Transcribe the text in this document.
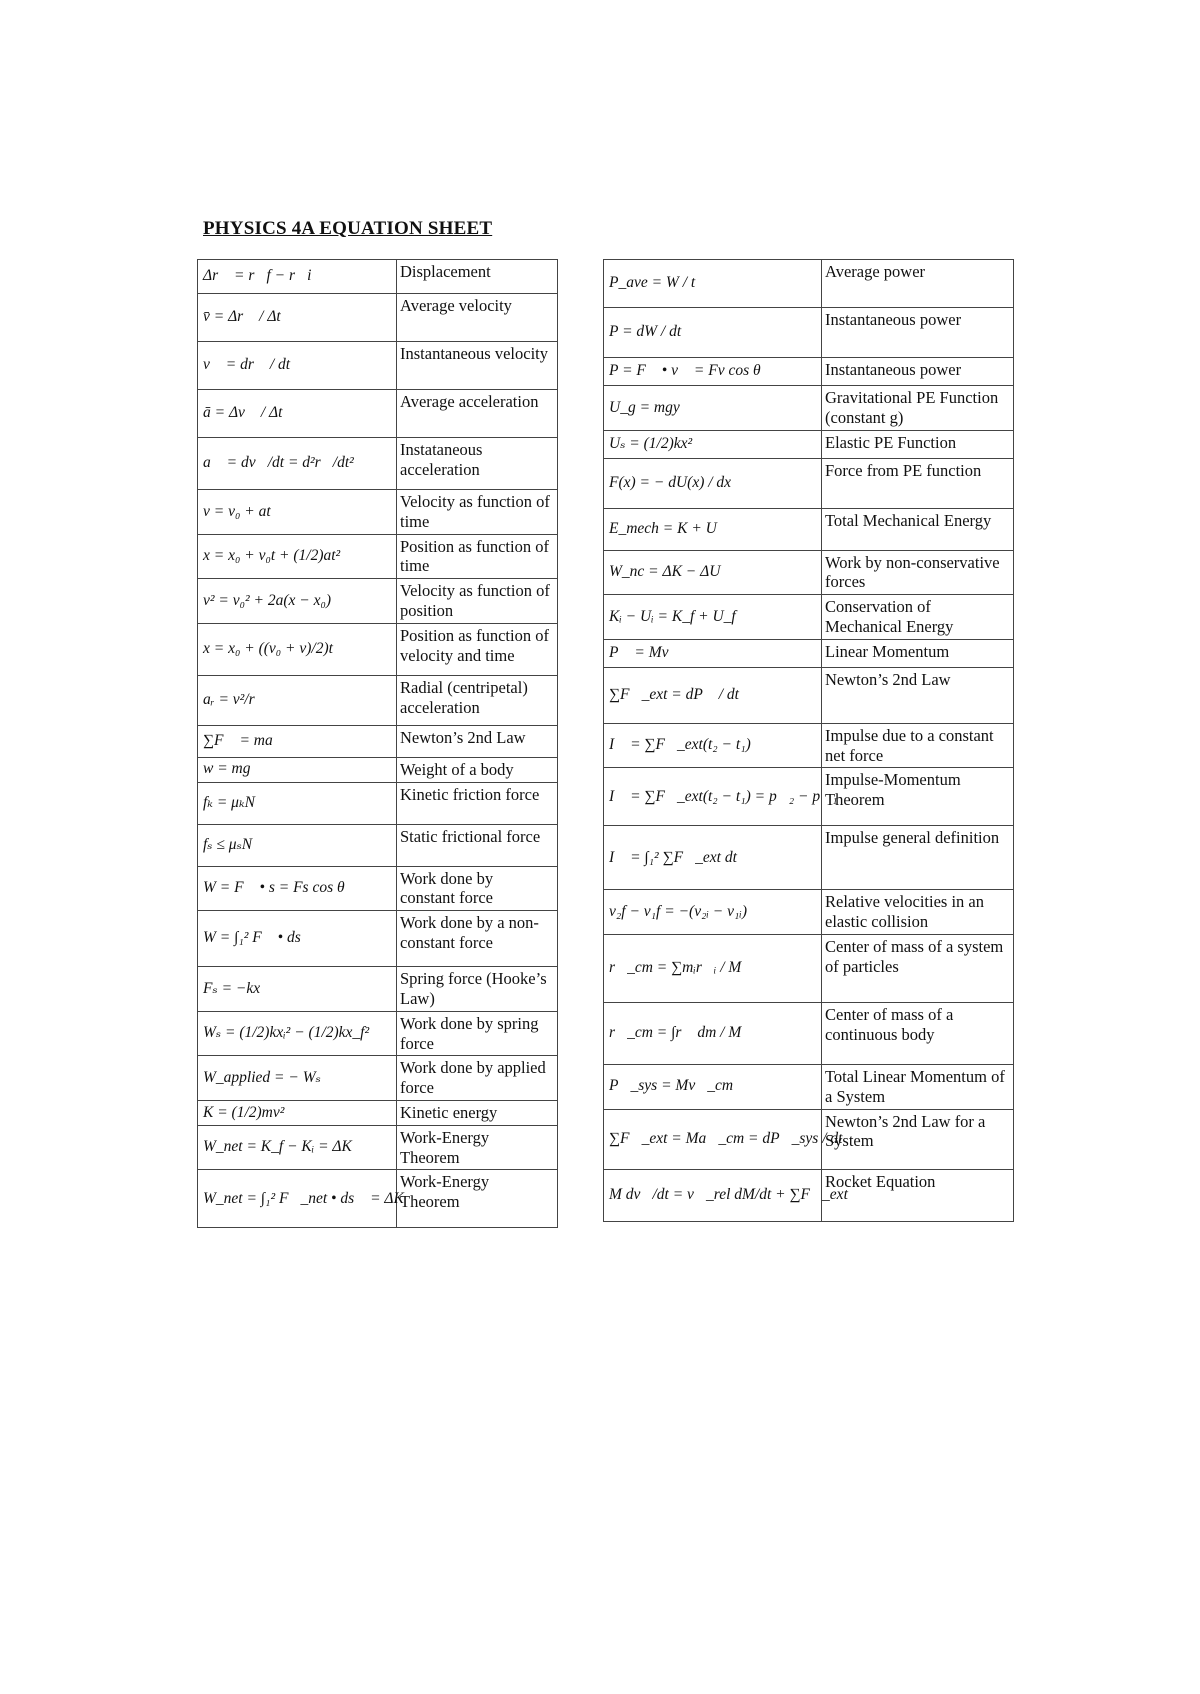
PHYSICS 4A EQUATION SHEET
Δr⃗ = r⃗f − r⃗i	Displacement
v̄ = Δr⃗ / Δt	Average velocity
v⃗ = dr⃗ / dt	Instantaneous velocity
ā = Δv⃗ / Δt	Average acceleration
a⃗ = dv⃗/dt = d²r⃗/dt²	Instataneous acceleration
v = v₀ + at	Velocity as function of time
x = x₀ + v₀t + (1/2)at²	Position as function of time
v² = v₀² + 2a(x − x₀)	Velocity as function of position
x = x₀ + ((v₀ + v)/2)t	Position as function of velocity and time
aᵣ = v²/r	Radial (centripetal) acceleration
∑F⃗ = ma⃗	Newton’s 2nd Law
w = mg	Weight of a body
fₖ = μₖN	Kinetic friction force
fₛ ≤ μₛN	Static frictional force
W = F⃗ • s = Fs cos θ	Work done by constant force
W = ∫₁² F⃗ • ds⃗	Work done by a non-constant force
Fₛ = −kx	Spring force (Hooke’s Law)
Wₛ = (1/2)kxᵢ² − (1/2)kx_f²	Work done by spring force
W_applied = − Wₛ	Work done by applied force
K = (1/2)mv²	Kinetic energy
W_net = K_f − Kᵢ = ΔK	Work-Energy Theorem
W_net = ∫₁² F⃗_net • ds⃗ = ΔK	Work-Energy Theorem
P_ave = W / t	Average power
P = dW / dt	Instantaneous power
P = F⃗ • v⃗ = Fv cos θ	Instantaneous power
U_g = mgy	Gravitational PE Function (constant g)
Uₛ = (1/2)kx²	Elastic PE Function
F(x) = − dU(x) / dx	Force from PE function
E_mech = K + U	Total Mechanical Energy
W_nc = ΔK − ΔU	Work by non-conservative forces
Kᵢ − Uᵢ = K_f + U_f	Conservation of Mechanical Energy
P⃗ = Mv⃗	Linear Momentum
∑F⃗_ext = dP⃗ / dt	Newton’s 2nd Law
I⃗ = ∑F⃗_ext(t₂ − t₁)	Impulse due to a constant net force
I⃗ = ∑F⃗_ext(t₂ − t₁) = p⃗₂ − p⃗₁	Impulse-Momentum Theorem
I⃗ = ∫₁² ∑F⃗_ext dt	Impulse general definition
v₂f − v₁f = −(v₂ᵢ − v₁ᵢ)	Relative velocities in an elastic collision
r⃗_cm = ∑mᵢr⃗ᵢ / M	Center of mass of a system of particles
r⃗_cm = ∫r⃗ dm / M	Center of mass of a continuous body
P⃗_sys = Mv⃗_cm	Total Linear Momentum of a System
∑F⃗_ext = Ma⃗_cm = dP⃗_sys / dt	Newton’s 2nd Law for a System
M dv⃗/dt = v⃗_rel dM/dt + ∑F⃗_ext	Rocket Equation
